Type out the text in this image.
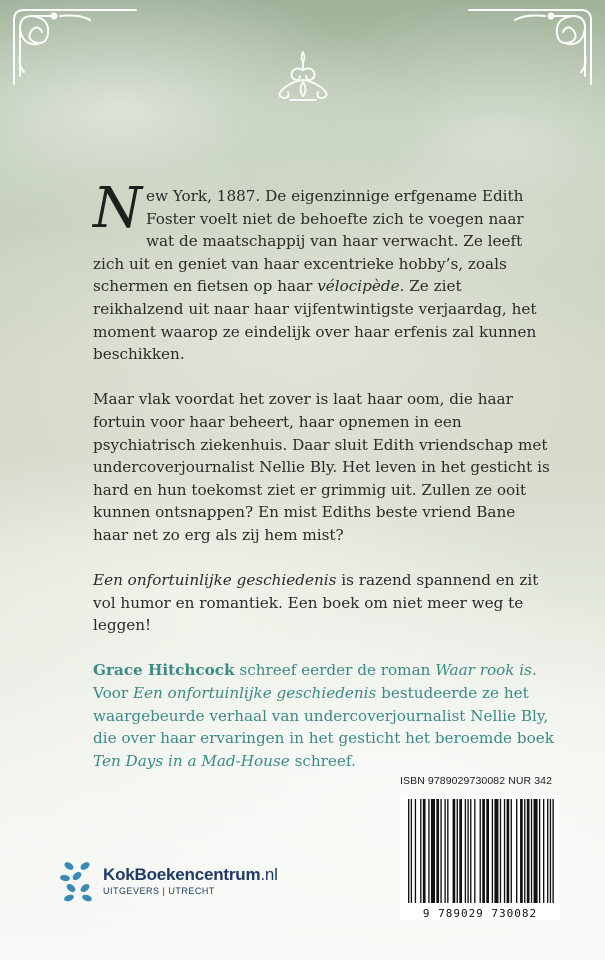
New York, 1887. De eigenzinnige erfgename Edith Foster voelt niet de behoefte zich te voegen naar wat de maatschappij van haar verwacht. Ze leeft zich uit en geniet van haar excentrieke hobby’s, zoals schermen en fietsen op haar vélocipède. Ze ziet reikhalzend uit naar haar vijfentwintigste verjaardag, het moment waarop ze eindelijk over haar erfenis zal kunnen beschikken.

Maar vlak voordat het zover is laat haar oom, die haar fortuin voor haar beheert, haar opnemen in een psychiatrisch ziekenhuis. Daar sluit Edith vriendschap met undercoverjournalist Nellie Bly. Het leven in het gesticht is hard en hun toekomst ziet er grimmig uit. Zullen ze ooit kunnen ontsnappen? En mist Ediths beste vriend Bane haar net zo erg als zij hem mist?

Een onfortuinlijke geschiedenis is razend spannend en zit vol humor en romantiek. Een boek om niet meer weg te leggen!

Grace Hitchcock schreef eerder de roman Waar rook is. Voor Een onfortuinlijke geschiedenis bestudeerde ze het waargebeurde verhaal van undercoverjournalist Nellie Bly, die over haar ervaringen in het gesticht het beroemde boek Ten Days in a Mad-House schreef.

ISBN 9789029730082 NUR 342
9 789029 730082
KokBoekencentrum.nl
UITGEVERS | UTRECHT
